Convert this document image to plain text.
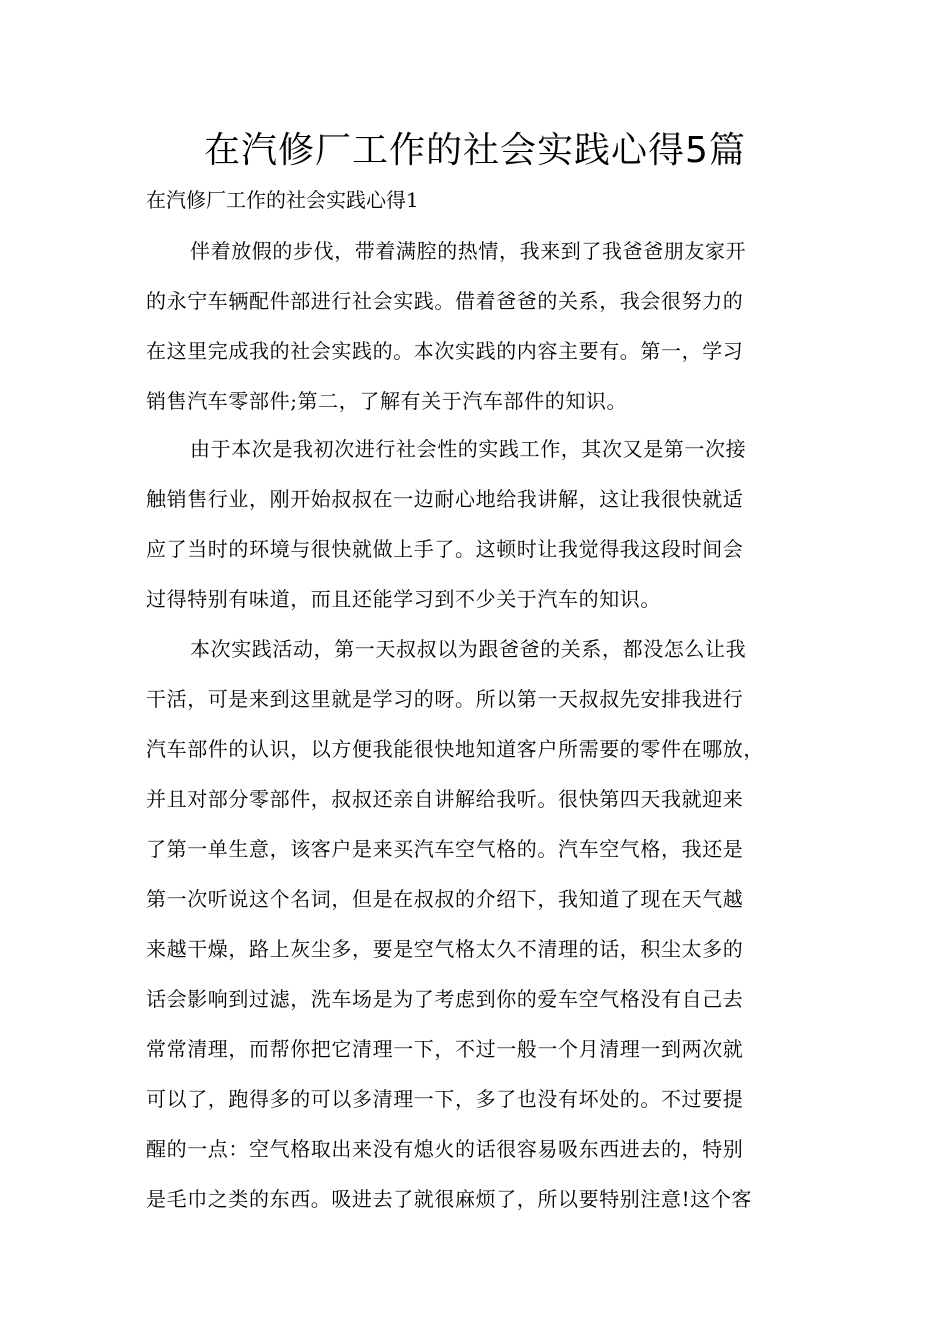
在汽修厂工作的社会实践心得5篇

在汽修厂工作的社会实践心得1

伴着放假的步伐，带着满腔的热情，我来到了我爸爸朋友家开
的永宁车辆配件部进行社会实践。借着爸爸的关系，我会很努力的
在这里完成我的社会实践的。本次实践的内容主要有。第一，学习
销售汽车零部件;第二，了解有关于汽车部件的知识。
由于本次是我初次进行社会性的实践工作，其次又是第一次接
触销售行业，刚开始叔叔在一边耐心地给我讲解，这让我很快就适
应了当时的环境与很快就做上手了。这顿时让我觉得我这段时间会
过得特别有味道，而且还能学习到不少关于汽车的知识。
本次实践活动，第一天叔叔以为跟爸爸的关系，都没怎么让我
干活，可是来到这里就是学习的呀。所以第一天叔叔先安排我进行
汽车部件的认识，以方便我能很快地知道客户所需要的零件在哪放，
并且对部分零部件，叔叔还亲自讲解给我听。很快第四天我就迎来
了第一单生意，该客户是来买汽车空气格的。汽车空气格，我还是
第一次听说这个名词，但是在叔叔的介绍下，我知道了现在天气越
来越干燥，路上灰尘多，要是空气格太久不清理的话，积尘太多的
话会影响到过滤，洗车场是为了考虑到你的爱车空气格没有自己去
常常清理，而帮你把它清理一下，不过一般一个月清理一到两次就
可以了，跑得多的可以多清理一下，多了也没有坏处的。不过要提
醒的一点：空气格取出来没有熄火的话很容易吸东西进去的，特别
是毛巾之类的东西。吸进去了就很麻烦了，所以要特别注意!这个客
